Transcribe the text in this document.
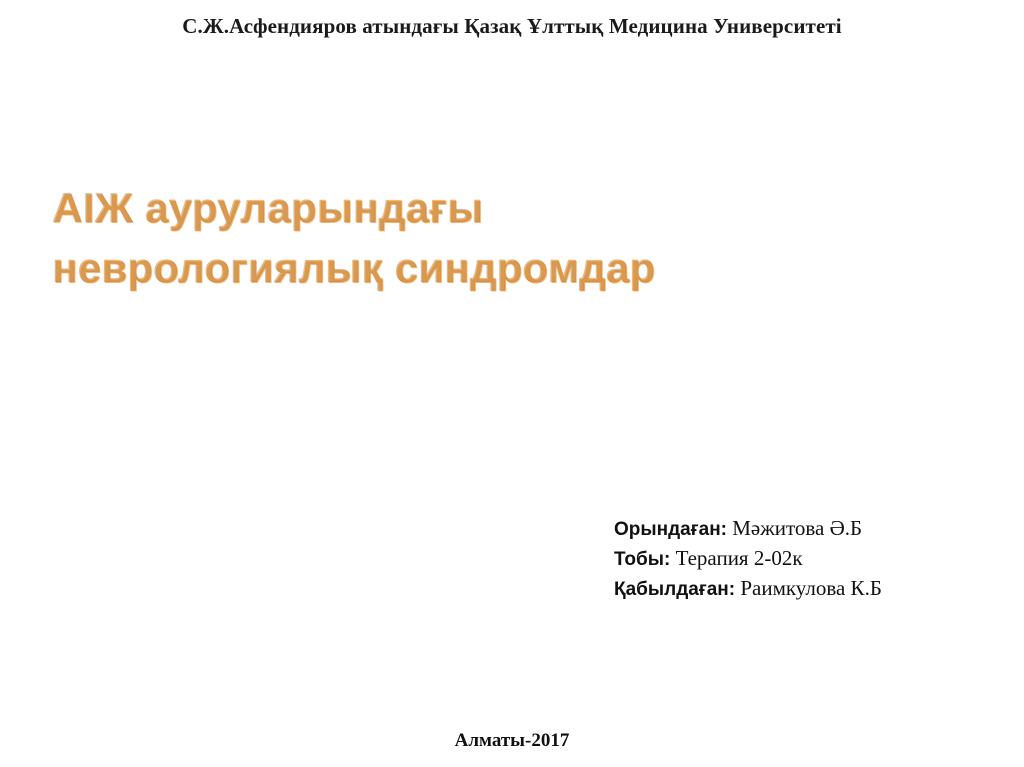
С.Ж.Асфендияров атындағы Қазақ Ұлттық Медицина Университеті
АІЖ ауруларындағы
неврологиялық синдромдар
Орындаған: Мәжитова Ә.Б
Тобы: Терапия 2-02к
Қабылдаған: Раимкулова К.Б
Алматы-2017
